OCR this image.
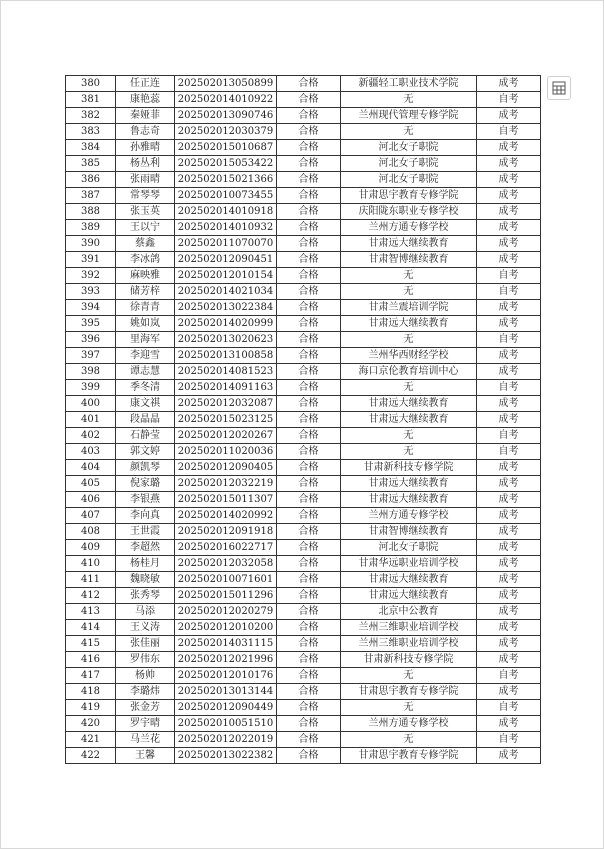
380	任正连	202502013050899	合格	新疆轻工职业技术学院	成考
381	康艳蕊	202502014010922	合格	无	自考
382	秦娅菲	202502013090746	合格	兰州现代管理专修学院	成考
383	鲁志奇	202502012030379	合格	无	自考
384	孙雅晴	202502015010687	合格	河北女子职院	成考
385	杨丛利	202502015053422	合格	河北女子职院	成考
386	张雨晴	202502015021366	合格	河北女子职院	成考
387	常琴琴	202502010073455	合格	甘肃思宇教育专修学院	成考
388	张玉英	202502014010918	合格	庆阳陇东职业专修学校	成考
389	王以宁	202502014010932	合格	兰州方通专修学校	成考
390	蔡鑫	202502011070070	合格	甘肃远大继续教育	成考
391	李冰鸽	202502012090451	合格	甘肃智博继续教育	成考
392	麻映雅	202502012010154	合格	无	自考
393	储芳梓	202502014021034	合格	无	自考
394	徐青青	202502013022384	合格	甘肃兰震培训学院	成考
395	姚如岚	202502014020999	合格	甘肃远大继续教育	成考
396	里海军	202502013020623	合格	无	自考
397	李迎雪	202502013100858	合格	兰州华西财经学校	成考
398	谭志慧	202502014081523	合格	海口京伦教育培训中心	成考
399	季冬清	202502014091163	合格	无	自考
400	康文祺	202502012032087	合格	甘肃远大继续教育	成考
401	段晶晶	202502015023125	合格	甘肃远大继续教育	成考
402	石静莹	202502012020267	合格	无	自考
403	郭文婷	202502011020036	合格	无	自考
404	颜凯琴	202502012090405	合格	甘肃新科技专修学院	成考
405	倪家璐	202502012032219	合格	甘肃远大继续教育	成考
406	李银燕	202502015011307	合格	甘肃远大继续教育	成考
407	李向真	202502014020992	合格	兰州方通专修学校	成考
408	王世霞	202502012091918	合格	甘肃智博继续教育	成考
409	李超然	202502016022717	合格	河北女子职院	成考
410	杨桂月	202502012032058	合格	甘肃华远职业培训学校	成考
411	魏晓敏	202502010071601	合格	甘肃远大继续教育	成考
412	张秀琴	202502015011296	合格	甘肃远大继续教育	成考
413	马添	202502012020279	合格	北京中公教育	成考
414	王义涛	202502012010200	合格	兰州三维职业培训学校	成考
415	张佳丽	202502014031115	合格	兰州三维职业培训学校	成考
416	罗伟东	202502012021996	合格	甘肃新科技专修学院	成考
417	杨帅	202502012010176	合格	无	自考
418	李璐炜	202502013013144	合格	甘肃思宇教育专修学院	成考
419	张金芳	202502012090449	合格	无	自考
420	罗宇晴	202502010051510	合格	兰州方通专修学校	成考
421	马兰花	202502012022019	合格	无	自考
422	王馨	202502013022382	合格	甘肃思宇教育专修学院	成考
